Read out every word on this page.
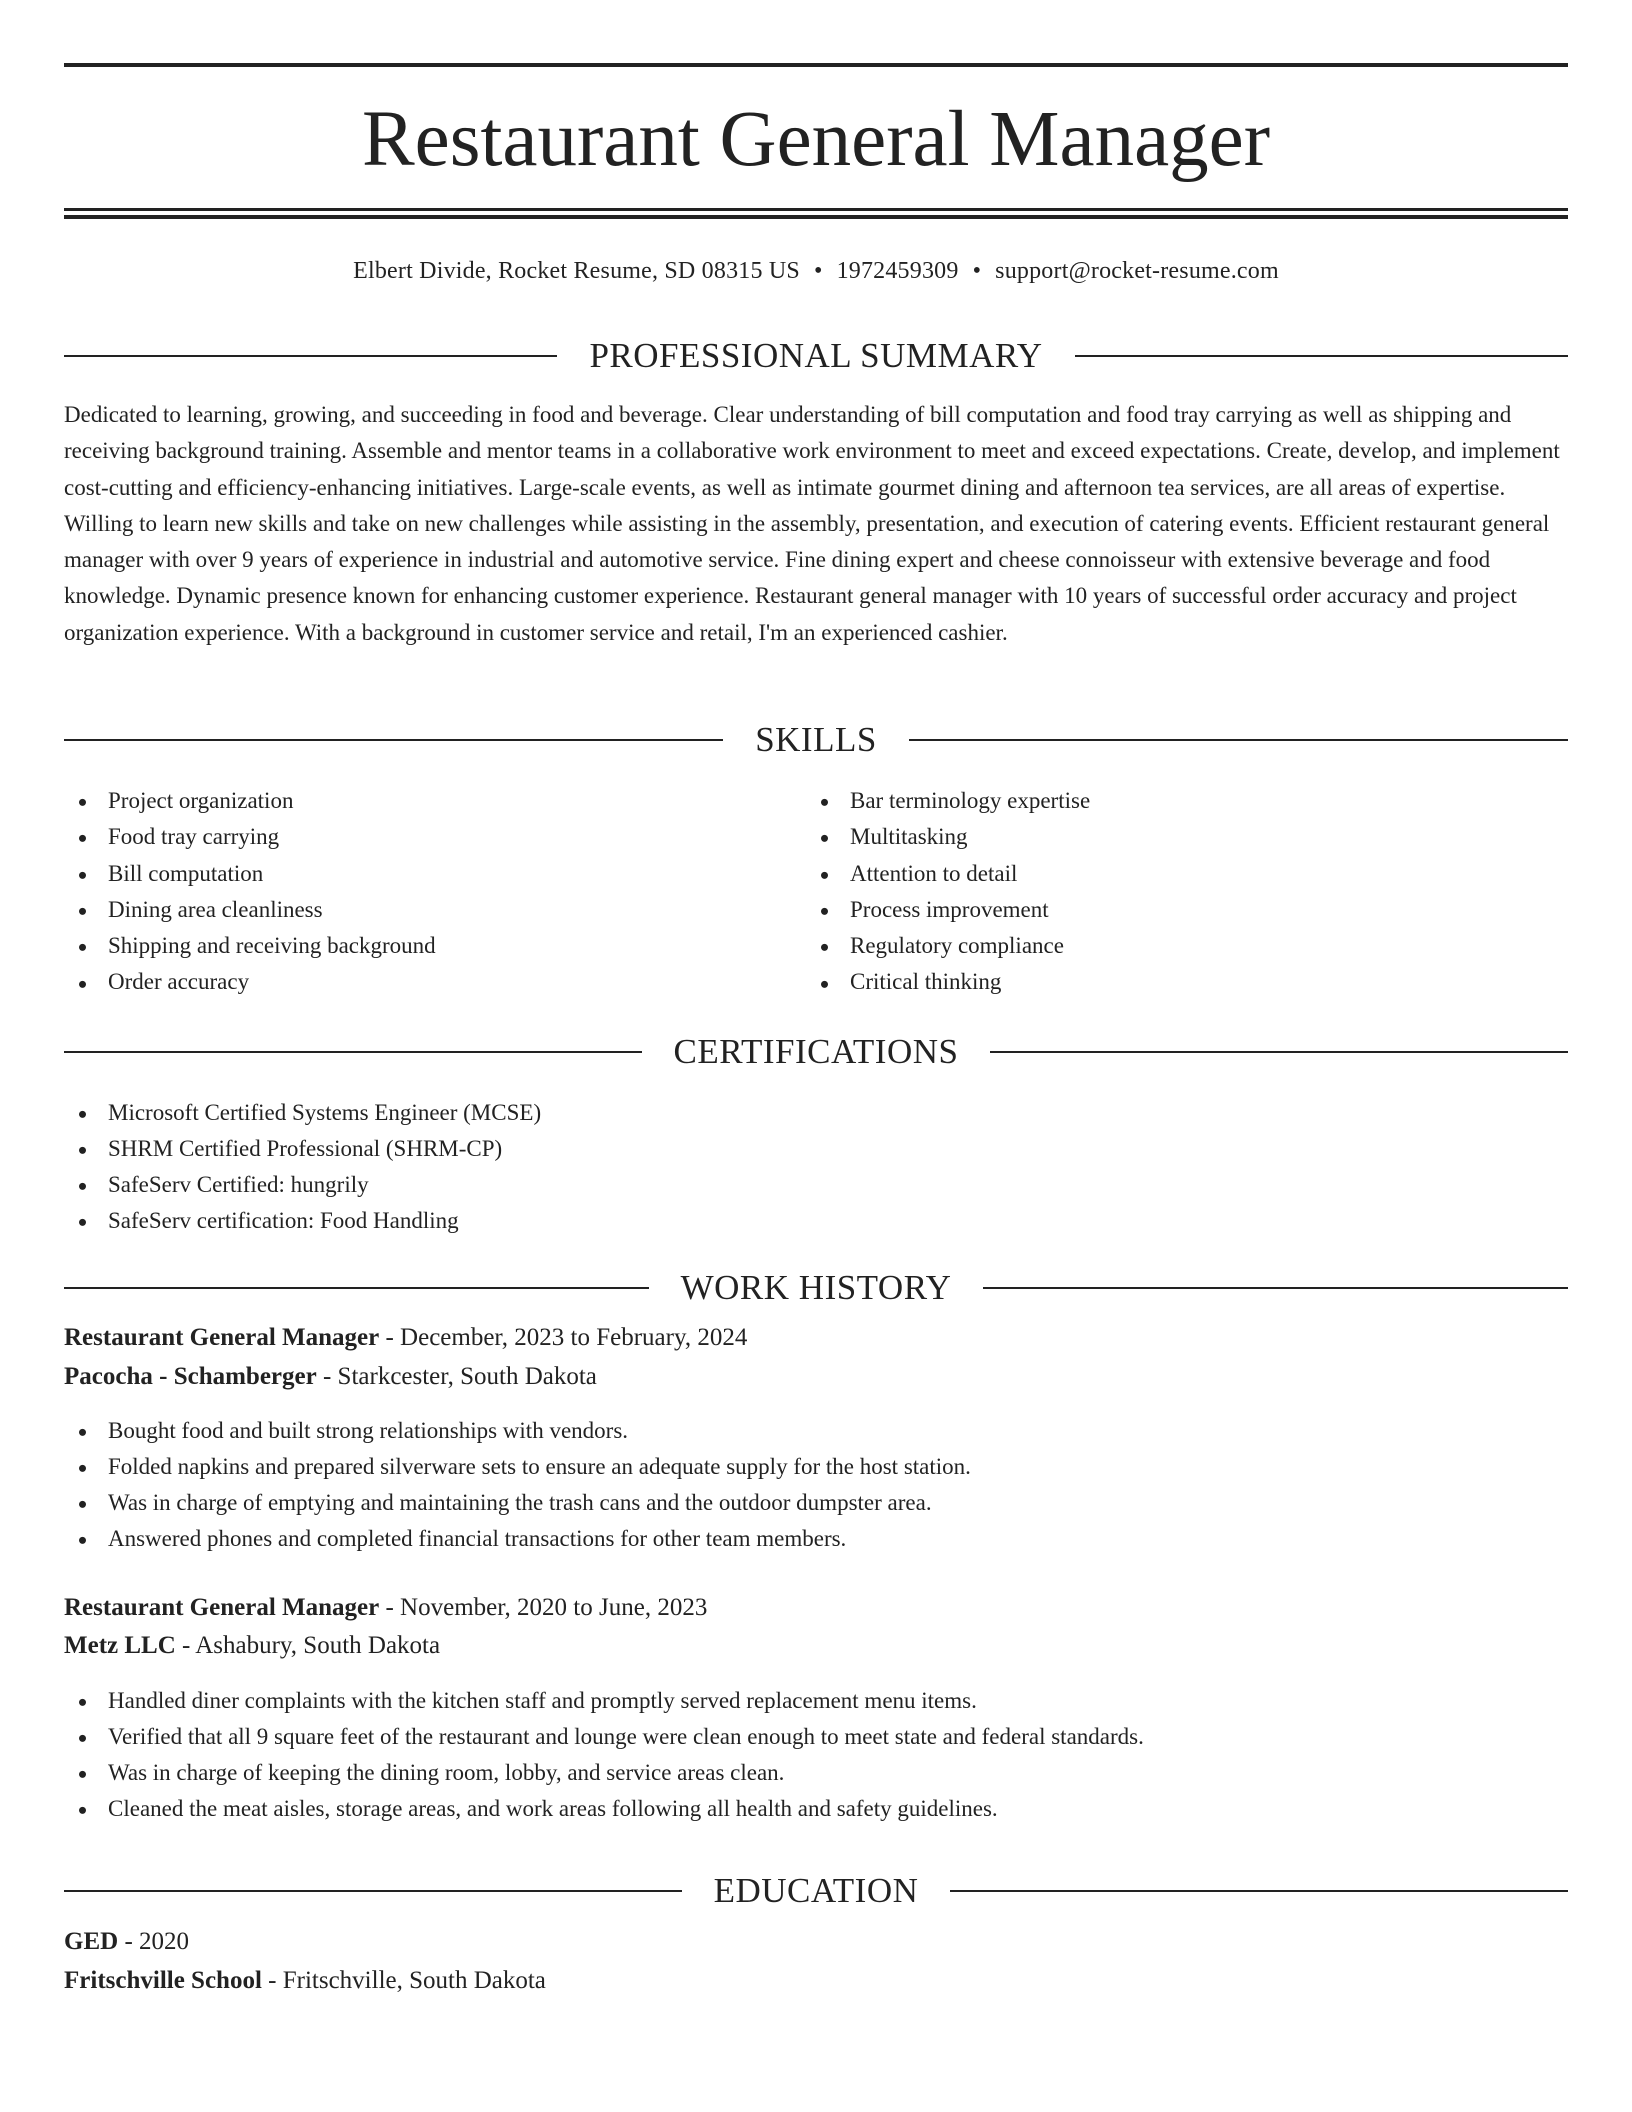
Restaurant General Manager
Elbert Divide, Rocket Resume, SD 08315 US • 1972459309 • support@rocket-resume.com
PROFESSIONAL SUMMARY

Dedicated to learning, growing, and succeeding in food and beverage. Clear understanding of bill computation and food tray carrying as well as shipping and receiving background training. Assemble and mentor teams in a collaborative work environment to meet and exceed expectations. Create, develop, and implement cost-cutting and efficiency-enhancing initiatives. Large-scale events, as well as intimate gourmet dining and afternoon tea services, are all areas of expertise. Willing to learn new skills and take on new challenges while assisting in the assembly, presentation, and execution of catering events. Efficient restaurant general manager with over 9 years of experience in industrial and automotive service. Fine dining expert and cheese connoisseur with extensive beverage and food knowledge. Dynamic presence known for enhancing customer experience. Restaurant general manager with 10 years of successful order accuracy and project organization experience. With a background in customer service and retail, I'm an experienced cashier.

SKILLS
Project organization
Food tray carrying
Bill computation
Dining area cleanliness
Shipping and receiving background
Order accuracy
Bar terminology expertise
Multitasking
Attention to detail
Process improvement
Regulatory compliance
Critical thinking
CERTIFICATIONS
Microsoft Certified Systems Engineer (MCSE)
SHRM Certified Professional (SHRM-CP)
SafeServ Certified: hungrily
SafeServ certification: Food Handling
WORK HISTORY
Restaurant General Manager - December, 2023 to February, 2024
Pacocha - Schamberger - Starkcester, South Dakota
Bought food and built strong relationships with vendors.
Folded napkins and prepared silverware sets to ensure an adequate supply for the host station.
Was in charge of emptying and maintaining the trash cans and the outdoor dumpster area.
Answered phones and completed financial transactions for other team members.
Restaurant General Manager - November, 2020 to June, 2023
Metz LLC - Ashabury, South Dakota
Handled diner complaints with the kitchen staff and promptly served replacement menu items.
Verified that all 9 square feet of the restaurant and lounge were clean enough to meet state and federal standards.
Was in charge of keeping the dining room, lobby, and service areas clean.
Cleaned the meat aisles, storage areas, and work areas following all health and safety guidelines.
EDUCATION
GED - 2020
Fritschville School - Fritschville, South Dakota
